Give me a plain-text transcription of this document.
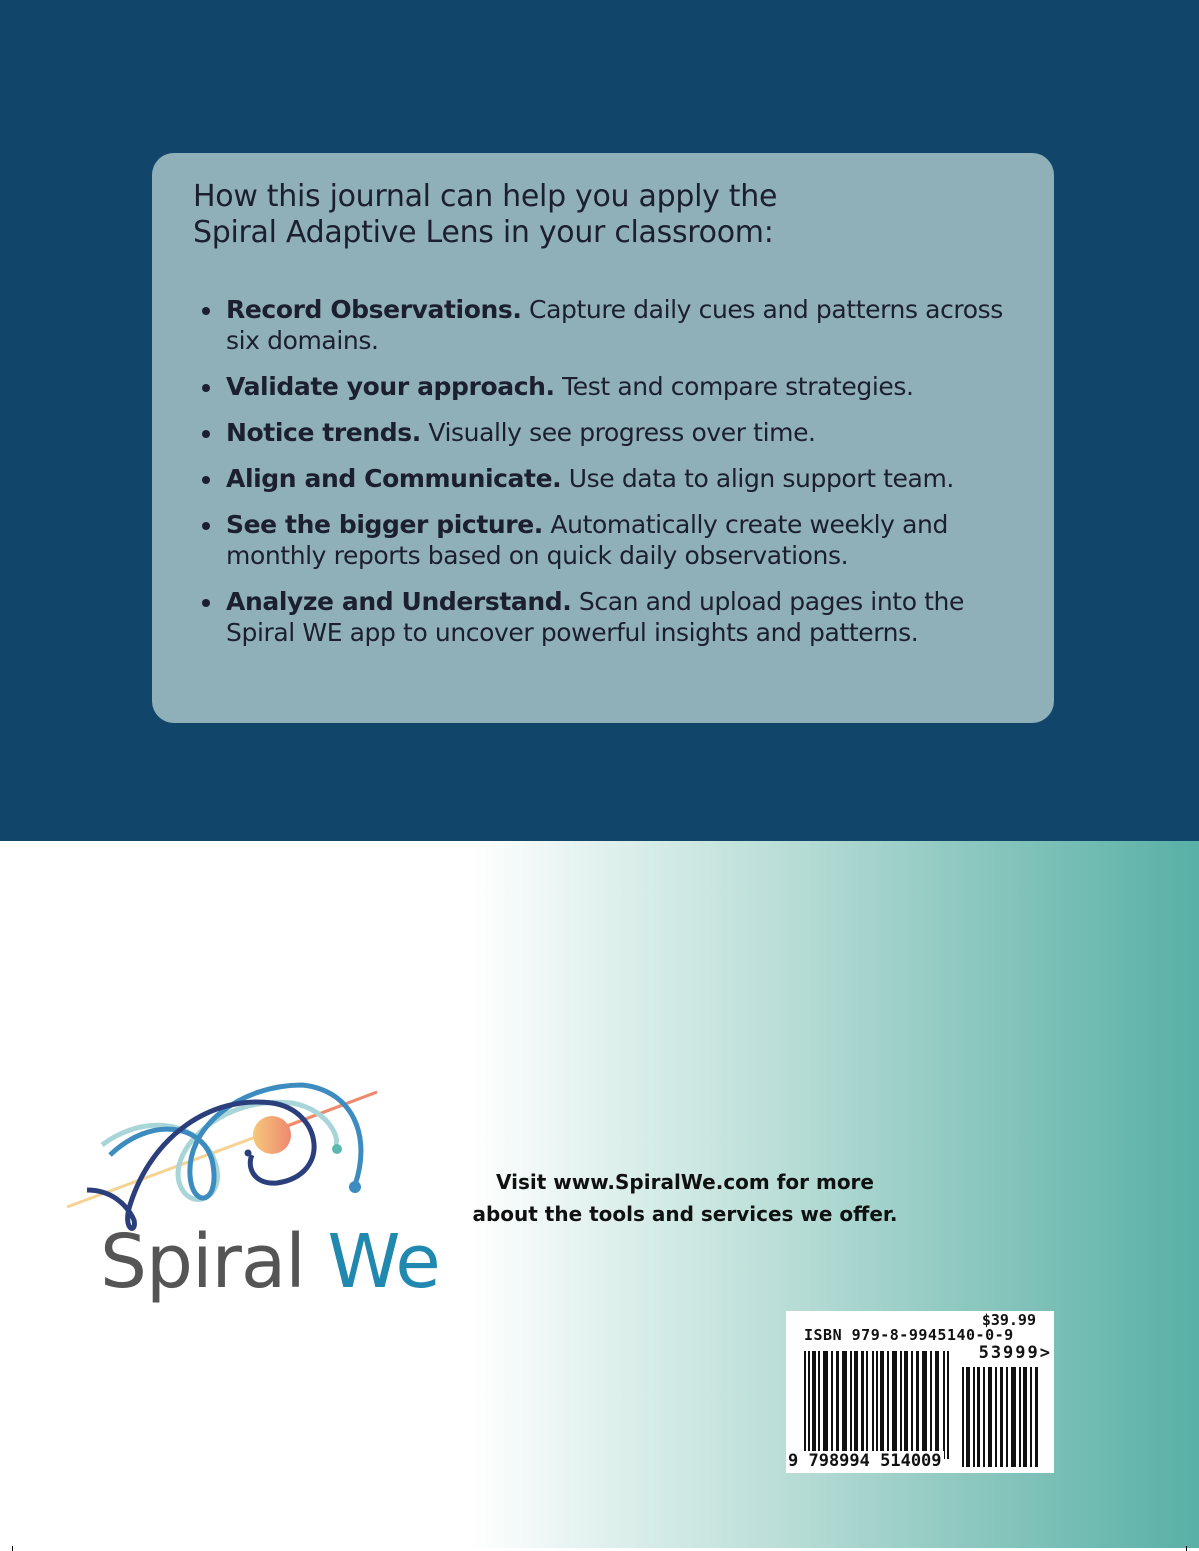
How this journal can help you apply the
Spiral Adaptive Lens in your classroom:
Record Observations. Capture daily cues and patterns across six domains.
Validate your approach. Test and compare strategies.
Notice trends. Visually see progress over time.
Align and Communicate. Use data to align support team.
See the bigger picture. Automatically create weekly and monthly reports based on quick daily observations.
Analyze and Understand. Scan and upload pages into the Spiral WE app to uncover powerful insights and patterns.
Spiral We
Visit www.SpiralWe.com for more
about the tools and services we offer.
$39.99
ISBN 979-8-9945140-0-9
53999>
9 798994 514009
